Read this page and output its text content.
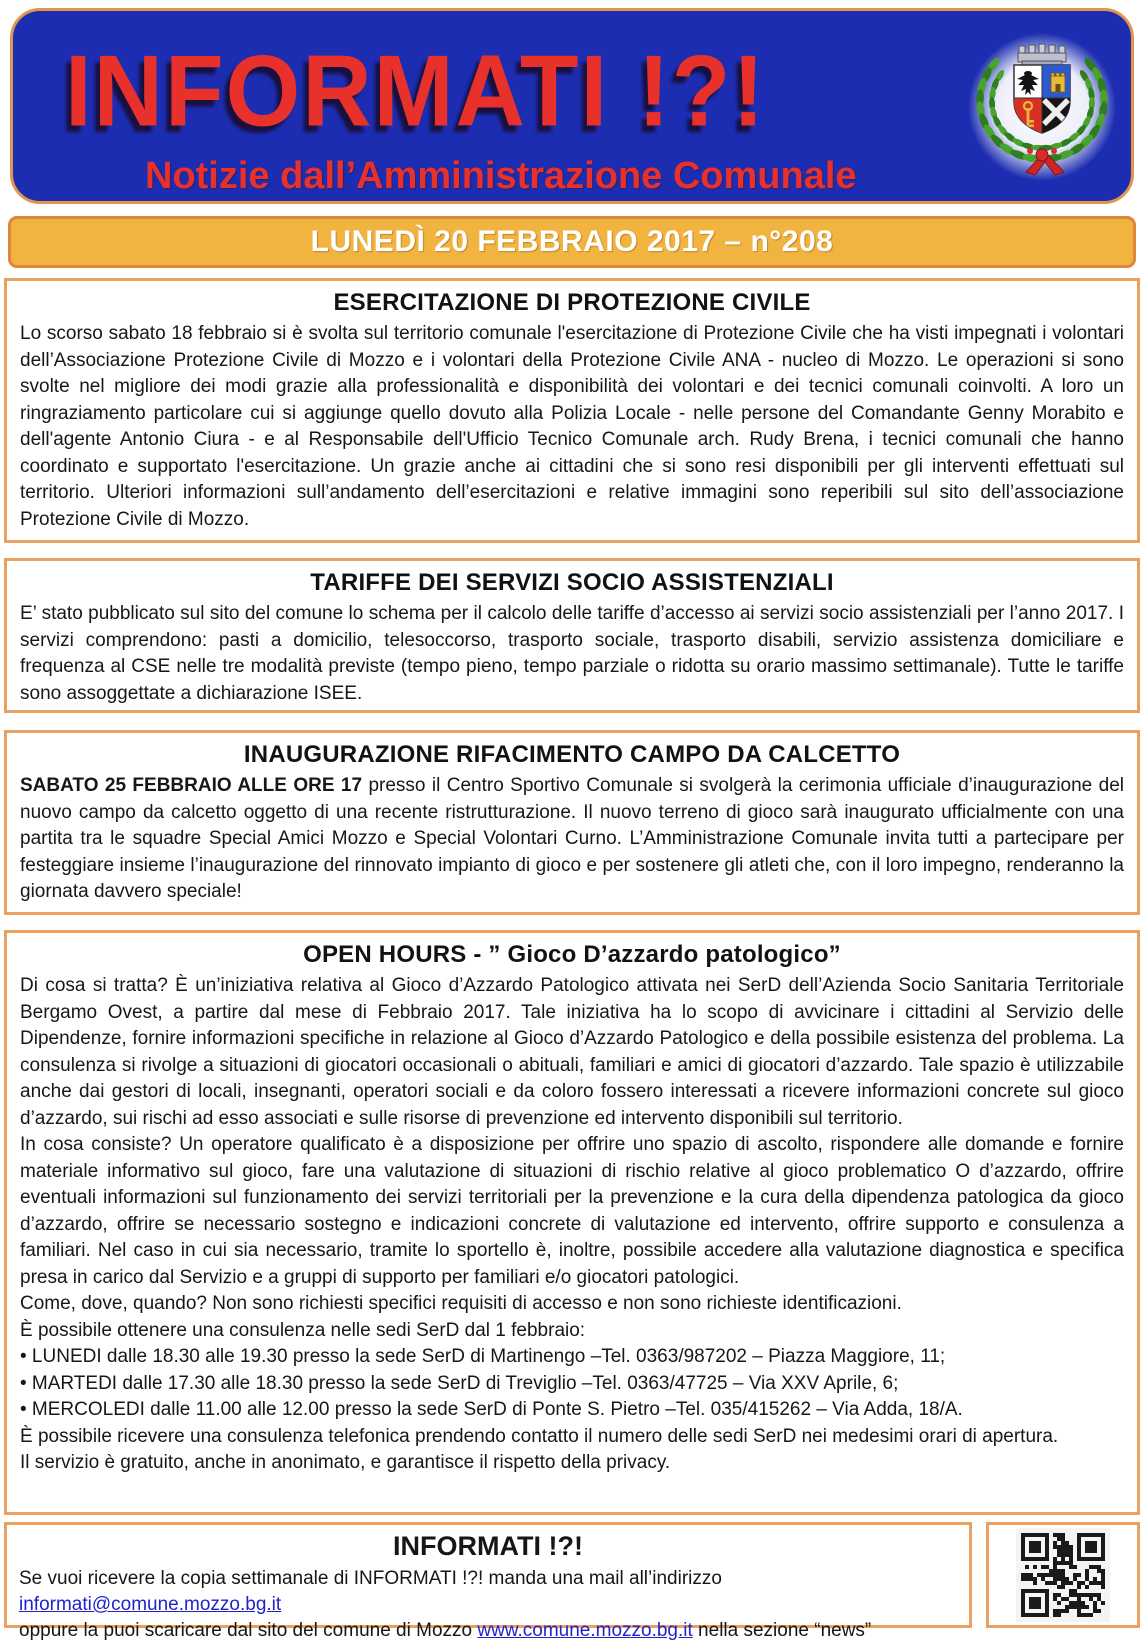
INFORMATI !?!
Notizie dall’Amministrazione Comunale
LUNEDÌ 20 FEBBRAIO 2017 – n°208
ESERCITAZIONE DI PROTEZIONE CIVILE
Lo scorso sabato 18 febbraio si è svolta sul territorio comunale l'esercitazione di Protezione Civile che ha visti impegnati i volontari dell’Associazione Protezione Civile di Mozzo e i volontari della Protezione Civile ANA - nucleo di Mozzo. Le operazioni si sono svolte nel migliore dei modi grazie alla professionalità e disponibilità dei volontari e dei tecnici comunali coinvolti. A loro un ringraziamento particolare cui si aggiunge quello dovuto alla Polizia Locale - nelle persone del Comandante Genny Morabito e dell'agente Antonio Ciura - e al Responsabile dell'Ufficio Tecnico Comunale arch. Rudy Brena, i tecnici comunali che hanno coordinato e supportato l'esercitazione. Un grazie anche ai cittadini che si sono resi disponibili per gli interventi effettuati sul territorio. Ulteriori informazioni sull’andamento dell’esercitazioni e relative immagini sono reperibili sul sito dell’associazione Protezione Civile di Mozzo.
TARIFFE DEI SERVIZI SOCIO ASSISTENZIALI
E’ stato pubblicato sul sito del comune lo schema per il calcolo delle tariffe d’accesso ai servizi socio assistenziali per l’anno 2017. I servizi comprendono: pasti a domicilio, telesoccorso, trasporto sociale, trasporto disabili, servizio assistenza domiciliare e frequenza al CSE nelle tre modalità previste (tempo pieno, tempo parziale o ridotta su orario massimo settimanale). Tutte le tariffe sono assoggettate a dichiarazione ISEE.
INAUGURAZIONE RIFACIMENTO CAMPO DA CALCETTO
SABATO 25 FEBBRAIO ALLE ORE 17 presso il Centro Sportivo Comunale si svolgerà la cerimonia ufficiale d’inaugurazione del nuovo campo da calcetto oggetto di una recente ristrutturazione. Il nuovo terreno di gioco sarà inaugurato ufficialmente con una partita tra le squadre Special Amici Mozzo e Special Volontari Curno. L’Amministrazione Comunale invita tutti a partecipare per festeggiare insieme l’inaugurazione del rinnovato impianto di gioco e per sostenere gli atleti che, con il loro impegno, renderanno la giornata davvero speciale!
OPEN HOURS - ” Gioco D’azzardo patologico”
Di cosa si tratta? È un’iniziativa relativa al Gioco d’Azzardo Patologico attivata nei SerD dell’Azienda Socio Sanitaria Territoriale Bergamo Ovest, a partire dal mese di Febbraio 2017. Tale iniziativa ha lo scopo di avvicinare i cittadini al Servizio delle Dipendenze, fornire informazioni specifiche in relazione al Gioco d’Azzardo Patologico e della possibile esistenza del problema. La consulenza si rivolge a situazioni di giocatori occasionali o abituali, familiari e amici di giocatori d’azzardo. Tale spazio è utilizzabile anche dai gestori di locali, insegnanti, operatori sociali e da coloro fossero interessati a ricevere informazioni concrete sul gioco d’azzardo, sui rischi ad esso associati e sulle risorse di prevenzione ed intervento disponibili sul territorio.
In cosa consiste? Un operatore qualificato è a disposizione per offrire uno spazio di ascolto, rispondere alle domande e fornire materiale informativo sul gioco, fare una valutazione di situazioni di rischio relative al gioco problematico O d’azzardo, offrire eventuali informazioni sul funzionamento dei servizi territoriali per la prevenzione e la cura della dipendenza patologica da gioco d’azzardo, offrire se necessario sostegno e indicazioni concrete di valutazione ed intervento, offrire supporto e consulenza a familiari. Nel caso in cui sia necessario, tramite lo sportello è, inoltre, possibile accedere alla valutazione diagnostica e specifica presa in carico dal Servizio e a gruppi di supporto per familiari e/o giocatori patologici.
Come, dove, quando? Non sono richiesti specifici requisiti di accesso e non sono richieste identificazioni.
È possibile ottenere una consulenza nelle sedi SerD dal 1 febbraio:
• LUNEDI dalle 18.30 alle 19.30 presso la sede SerD di Martinengo –Tel. 0363/987202 – Piazza Maggiore, 11;
• MARTEDI dalle 17.30 alle 18.30 presso la sede SerD di Treviglio –Tel. 0363/47725 – Via XXV Aprile, 6;
• MERCOLEDI dalle 11.00 alle 12.00 presso la sede SerD di Ponte S. Pietro –Tel. 035/415262 – Via Adda, 18/A.
È possibile ricevere una consulenza telefonica prendendo contatto il numero delle sedi SerD nei medesimi orari di apertura.
Il servizio è gratuito, anche in anonimato, e garantisce il rispetto della privacy.
INFORMATI !?!
Se vuoi ricevere la copia settimanale di INFORMATI !?! manda una mail all’indirizzo informati@comune.mozzo.bg.it
oppure la puoi scaricare dal sito del comune di Mozzo www.comune.mozzo.bg.it nella sezione “news”
